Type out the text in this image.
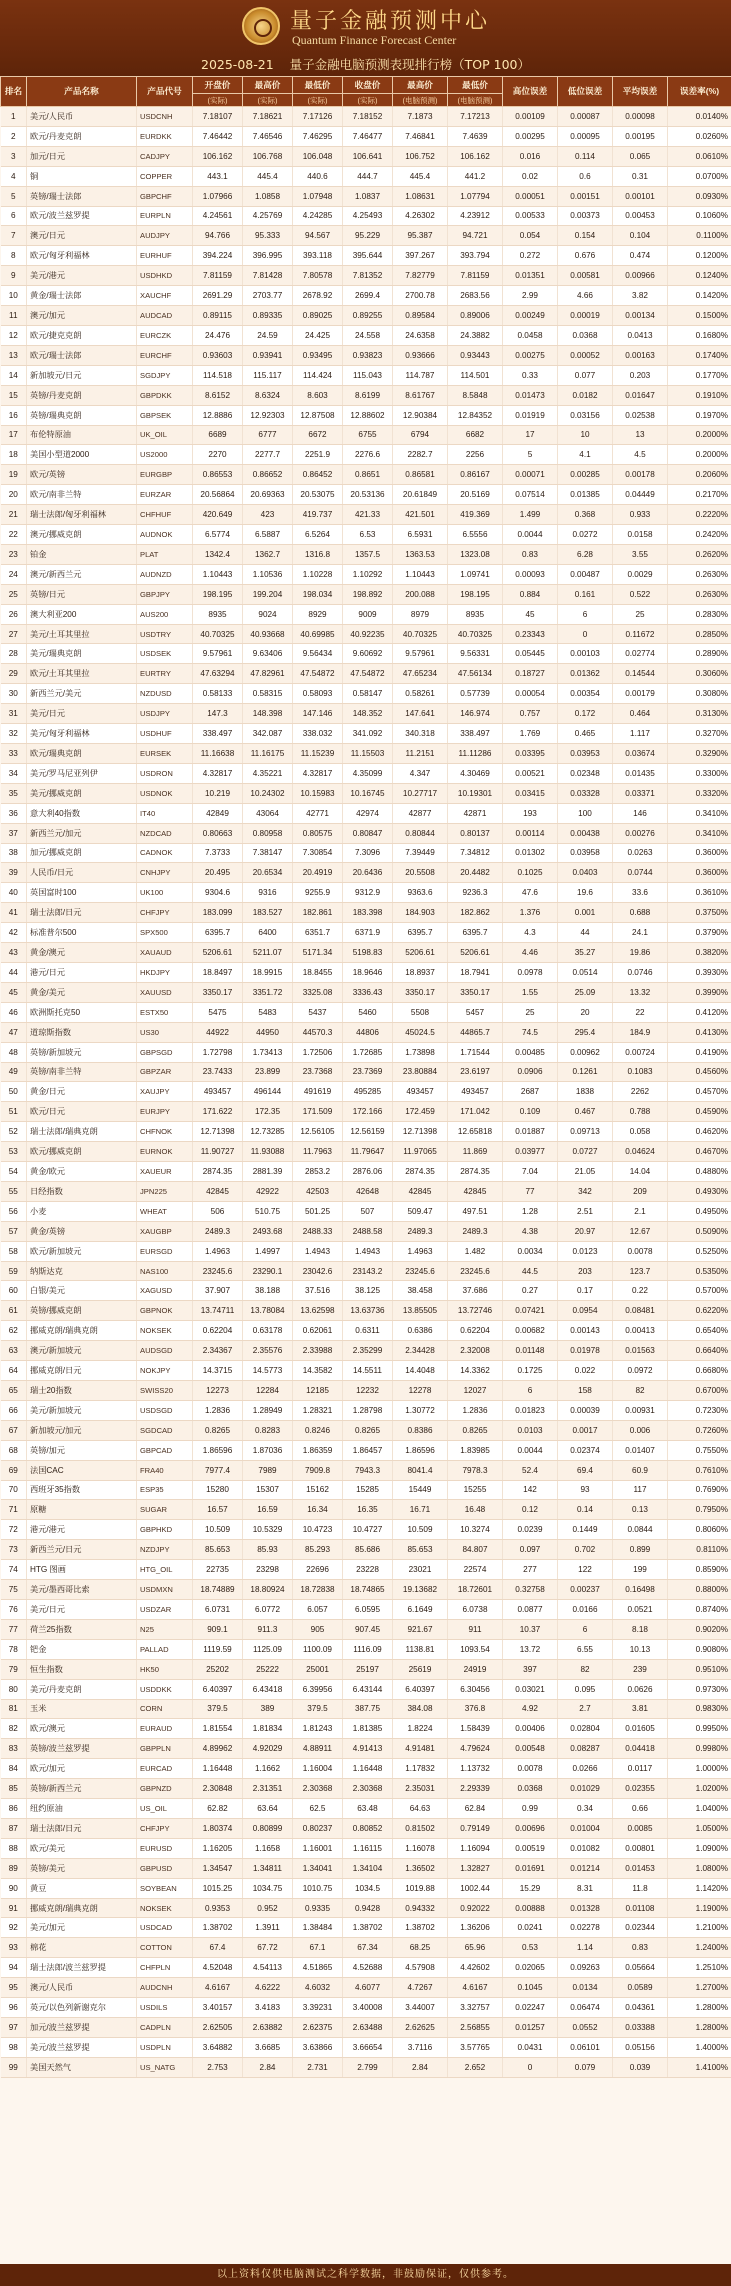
量子金融预测中心
Quantum Finance Forecast Center
2025-08-21 量子金融电脑预测表现排行榜（TOP 100）
排名	产品名称	产品代号	开盘价	最高价	最低价	收盘价	最高价	最低价	高位误差	低位误差	平均误差	误差率(%)
			(实际)	(实际)	(实际)	(实际)	(电脑预测)	(电脑预测)				
1	美元/人民币	USDCNH	7.18107	7.18621	7.17126	7.18152	7.1873	7.17213	0.00109	0.00087	0.00098	0.0140%
2	欧元/丹麦克朗	EURDKK	7.46442	7.46546	7.46295	7.46477	7.46841	7.4639	0.00295	0.00095	0.00195	0.0260%
3	加元/日元	CADJPY	106.162	106.768	106.048	106.641	106.752	106.162	0.016	0.114	0.065	0.0610%
4	铜	COPPER	443.1	445.4	440.6	444.7	445.4	441.2	0.02	0.6	0.31	0.0700%
5	英镑/瑞士法郎	GBPCHF	1.07966	1.0858	1.07948	1.0837	1.08631	1.07794	0.00051	0.00151	0.00101	0.0930%
6	欧元/波兰兹罗提	EURPLN	4.24561	4.25769	4.24285	4.25493	4.26302	4.23912	0.00533	0.00373	0.00453	0.1060%
7	澳元/日元	AUDJPY	94.766	95.333	94.567	95.229	95.387	94.721	0.054	0.154	0.104	0.1100%
8	欧元/匈牙利福林	EURHUF	394.224	396.995	393.118	395.644	397.267	393.794	0.272	0.676	0.474	0.1200%
9	美元/港元	USDHKD	7.81159	7.81428	7.80578	7.81352	7.82779	7.81159	0.01351	0.00581	0.00966	0.1240%
10	黄金/瑞士法郎	XAUCHF	2691.29	2703.77	2678.92	2699.4	2700.78	2683.56	2.99	4.66	3.82	0.1420%
11	澳元/加元	AUDCAD	0.89115	0.89335	0.89025	0.89255	0.89584	0.89006	0.00249	0.00019	0.00134	0.1500%
12	欧元/捷克克朗	EURCZK	24.476	24.59	24.425	24.558	24.6358	24.3882	0.0458	0.0368	0.0413	0.1680%
13	欧元/瑞士法郎	EURCHF	0.93603	0.93941	0.93495	0.93823	0.93666	0.93443	0.00275	0.00052	0.00163	0.1740%
14	新加坡元/日元	SGDJPY	114.518	115.117	114.424	115.043	114.787	114.501	0.33	0.077	0.203	0.1770%
15	英镑/丹麦克朗	GBPDKK	8.6152	8.6324	8.603	8.6199	8.61767	8.5848	0.01473	0.0182	0.01647	0.1910%
16	英镑/瑞典克朗	GBPSEK	12.8886	12.92303	12.87508	12.88602	12.90384	12.84352	0.01919	0.03156	0.02538	0.1970%
17	布伦特原油	UK_OIL	6689	6777	6672	6755	6794	6682	17	10	13	0.2000%
18	美国小型道2000	US2000	2270	2277.7	2251.9	2276.6	2282.7	2256	5	4.1	4.5	0.2000%
19	欧元/英镑	EURGBP	0.86553	0.86652	0.86452	0.8651	0.86581	0.86167	0.00071	0.00285	0.00178	0.2060%
20	欧元/南非兰特	EURZAR	20.56864	20.69363	20.53075	20.53136	20.61849	20.5169	0.07514	0.01385	0.04449	0.2170%
21	瑞士法郎/匈牙利福林	CHFHUF	420.649	423	419.737	421.33	421.501	419.369	1.499	0.368	0.933	0.2220%
22	澳元/挪威克朗	AUDNOK	6.5774	6.5887	6.5264	6.53	6.5931	6.5556	0.0044	0.0272	0.0158	0.2420%
23	铂金	PLAT	1342.4	1362.7	1316.8	1357.5	1363.53	1323.08	0.83	6.28	3.55	0.2620%
24	澳元/新西兰元	AUDNZD	1.10443	1.10536	1.10228	1.10292	1.10443	1.09741	0.00093	0.00487	0.0029	0.2630%
25	英镑/日元	GBPJPY	198.195	199.204	198.034	198.892	200.088	198.195	0.884	0.161	0.522	0.2630%
26	澳大利亚200	AUS200	8935	9024	8929	9009	8979	8935	45	6	25	0.2830%
27	美元/土耳其里拉	USDTRY	40.70325	40.93668	40.69985	40.92235	40.70325	40.70325	0.23343	0	0.11672	0.2850%
28	美元/瑞典克朗	USDSEK	9.57961	9.63406	9.56434	9.60692	9.57961	9.56331	0.05445	0.00103	0.02774	0.2890%
29	欧元/土耳其里拉	EURTRY	47.63294	47.82961	47.54872	47.54872	47.65234	47.56134	0.18727	0.01362	0.14544	0.3060%
30	新西兰元/美元	NZDUSD	0.58133	0.58315	0.58093	0.58147	0.58261	0.57739	0.00054	0.00354	0.00179	0.3080%
31	美元/日元	USDJPY	147.3	148.398	147.146	148.352	147.641	146.974	0.757	0.172	0.464	0.3130%
32	美元/匈牙利福林	USDHUF	338.497	342.087	338.032	341.092	340.318	338.497	1.769	0.465	1.117	0.3270%
33	欧元/瑞典克朗	EURSEK	11.16638	11.16175	11.15239	11.15503	11.2151	11.11286	0.03395	0.03953	0.03674	0.3290%
34	美元/罗马尼亚列伊	USDRON	4.32817	4.35221	4.32817	4.35099	4.347	4.30469	0.00521	0.02348	0.01435	0.3300%
35	美元/挪威克朗	USDNOK	10.219	10.24302	10.15983	10.16745	10.27717	10.19301	0.03415	0.03328	0.03371	0.3320%
36	意大利40指数	IT40	42849	43064	42771	42974	42877	42871	193	100	146	0.3410%
37	新西兰元/加元	NZDCAD	0.80663	0.80958	0.80575	0.80847	0.80844	0.80137	0.00114	0.00438	0.00276	0.3410%
38	加元/挪威克朗	CADNOK	7.3733	7.38147	7.30854	7.3096	7.39449	7.34812	0.01302	0.03958	0.0263	0.3600%
39	人民币/日元	CNHJPY	20.495	20.6534	20.4919	20.6436	20.5508	20.4482	0.1025	0.0403	0.0744	0.3600%
40	英国富时100	UK100	9304.6	9316	9255.9	9312.9	9363.6	9236.3	47.6	19.6	33.6	0.3610%
41	瑞士法郎/日元	CHFJPY	183.099	183.527	182.861	183.398	184.903	182.862	1.376	0.001	0.688	0.3750%
42	标准普尔500	SPX500	6395.7	6400	6351.7	6371.9	6395.7	6395.7	4.3	44	24.1	0.3790%
43	黄金/澳元	XAUAUD	5206.61	5211.07	5171.34	5198.83	5206.61	5206.61	4.46	35.27	19.86	0.3820%
44	港元/日元	HKDJPY	18.8497	18.9915	18.8455	18.9646	18.8937	18.7941	0.0978	0.0514	0.0746	0.3930%
45	黄金/美元	XAUUSD	3350.17	3351.72	3325.08	3336.43	3350.17	3350.17	1.55	25.09	13.32	0.3990%
46	欧洲斯托克50	ESTX50	5475	5483	5437	5460	5508	5457	25	20	22	0.4120%
47	道琼斯指数	US30	44922	44950	44570.3	44806	45024.5	44865.7	74.5	295.4	184.9	0.4130%
48	英镑/新加坡元	GBPSGD	1.72798	1.73413	1.72506	1.72685	1.73898	1.71544	0.00485	0.00962	0.00724	0.4190%
49	英镑/南非兰特	GBPZAR	23.7433	23.899	23.7368	23.7369	23.80884	23.6197	0.0906	0.1261	0.1083	0.4560%
50	黄金/日元	XAUJPY	493457	496144	491619	495285	493457	493457	2687	1838	2262	0.4570%
51	欧元/日元	EURJPY	171.622	172.35	171.509	172.166	172.459	171.042	0.109	0.467	0.788	0.4590%
52	瑞士法郎/瑞典克朗	CHFNOK	12.71398	12.73285	12.56105	12.56159	12.71398	12.65818	0.01887	0.09713	0.058	0.4620%
53	欧元/挪威克朗	EURNOK	11.90727	11.93088	11.7963	11.79647	11.97065	11.869	0.03977	0.0727	0.04624	0.4670%
54	黄金/欧元	XAUEUR	2874.35	2881.39	2853.2	2876.06	2874.35	2874.35	7.04	21.05	14.04	0.4880%
55	日经指数	JPN225	42845	42922	42503	42648	42845	42845	77	342	209	0.4930%
56	小麦	WHEAT	506	510.75	501.25	507	509.47	497.51	1.28	2.51	2.1	0.4950%
57	黄金/英镑	XAUGBP	2489.3	2493.68	2488.33	2488.58	2489.3	2489.3	4.38	20.97	12.67	0.5090%
58	欧元/新加坡元	EURSGD	1.4963	1.4997	1.4943	1.4943	1.4963	1.482	0.0034	0.0123	0.0078	0.5250%
59	纳斯达克	NAS100	23245.6	23290.1	23042.6	23143.2	23245.6	23245.6	44.5	203	123.7	0.5350%
60	白银/美元	XAGUSD	37.907	38.188	37.516	38.125	38.458	37.686	0.27	0.17	0.22	0.5700%
61	英镑/挪威克朗	GBPNOK	13.74711	13.78084	13.62598	13.63736	13.85505	13.72746	0.07421	0.0954	0.08481	0.6220%
62	挪威克朗/瑞典克朗	NOKSEK	0.62204	0.63178	0.62061	0.6311	0.6386	0.62204	0.00682	0.00143	0.00413	0.6540%
63	澳元/新加坡元	AUDSGD	2.34367	2.35576	2.33988	2.35299	2.34428	2.32008	0.01148	0.01978	0.01563	0.6640%
64	挪威克朗/日元	NOKJPY	14.3715	14.5773	14.3582	14.5511	14.4048	14.3362	0.1725	0.022	0.0972	0.6680%
65	瑞士20指数	SWISS20	12273	12284	12185	12232	12278	12027	6	158	82	0.6700%
66	美元/新加坡元	USDSGD	1.2836	1.28949	1.28321	1.28798	1.30772	1.2836	0.01823	0.00039	0.00931	0.7230%
67	新加坡元/加元	SGDCAD	0.8265	0.8283	0.8246	0.8265	0.8386	0.8265	0.0103	0.0017	0.006	0.7260%
68	英镑/加元	GBPCAD	1.86596	1.87036	1.86359	1.86457	1.86596	1.83985	0.0044	0.02374	0.01407	0.7550%
69	法国CAC	FRA40	7977.4	7989	7909.8	7943.3	8041.4	7978.3	52.4	69.4	60.9	0.7610%
70	西班牙35指数	ESP35	15280	15307	15162	15285	15449	15255	142	93	117	0.7690%
71	原糖	SUGAR	16.57	16.59	16.34	16.35	16.71	16.48	0.12	0.14	0.13	0.7950%
72	港元/港元	GBPHKD	10.509	10.5329	10.4723	10.4727	10.509	10.3274	0.0239	0.1449	0.0844	0.8060%
73	新西兰元/日元	NZDJPY	85.653	85.93	85.293	85.686	85.653	84.807	0.097	0.702	0.899	0.8110%
74	HTG 图画	HTG_OIL	22735	23298	22696	23228	23021	22574	277	122	199	0.8590%
75	美元/墨西哥比索	USDMXN	18.74889	18.80924	18.72838	18.74865	19.13682	18.72601	0.32758	0.00237	0.16498	0.8800%
76	美元/日元	USDZAR	6.0731	6.0772	6.057	6.0595	6.1649	6.0738	0.0877	0.0166	0.0521	0.8740%
77	荷兰25指数	N25	909.1	911.3	905	907.45	921.67	911	10.37	6	8.18	0.9020%
78	钯金	PALLAD	1119.59	1125.09	1100.09	1116.09	1138.81	1093.54	13.72	6.55	10.13	0.9080%
79	恒生指数	HK50	25202	25222	25001	25197	25619	24919	397	82	239	0.9510%
80	美元/丹麦克朗	USDDKK	6.40397	6.43418	6.39956	6.43144	6.40397	6.30456	0.03021	0.095	0.0626	0.9730%
81	玉米	CORN	379.5	389	379.5	387.75	384.08	376.8	4.92	2.7	3.81	0.9830%
82	欧元/澳元	EURAUD	1.81554	1.81834	1.81243	1.81385	1.8224	1.58439	0.00406	0.02804	0.01605	0.9950%
83	英镑/波兰兹罗提	GBPPLN	4.89962	4.92029	4.88911	4.91413	4.91481	4.79624	0.00548	0.08287	0.04418	0.9980%
84	欧元/加元	EURCAD	1.16448	1.1662	1.16004	1.16448	1.17832	1.13732	0.0078	0.0266	0.0117	1.0000%
85	英镑/新西兰元	GBPNZD	2.30848	2.31351	2.30368	2.30368	2.35031	2.29339	0.0368	0.01029	0.02355	1.0200%
86	纽约原油	US_OIL	62.82	63.64	62.5	63.48	64.63	62.84	0.99	0.34	0.66	1.0400%
87	瑞士法郎/日元	CHFJPY	1.80374	0.80899	0.80237	0.80852	0.81502	0.79149	0.00696	0.01004	0.0085	1.0500%
88	欧元/美元	EURUSD	1.16205	1.1658	1.16001	1.16115	1.16078	1.16094	0.00519	0.01082	0.00801	1.0900%
89	英镑/美元	GBPUSD	1.34547	1.34811	1.34041	1.34104	1.36502	1.32827	0.01691	0.01214	0.01453	1.0800%
90	黄豆	SOYBEAN	1015.25	1034.75	1010.75	1034.5	1019.88	1002.44	15.29	8.31	11.8	1.1420%
91	挪威克朗/瑞典克朗	NOKSEK	0.9353	0.952	0.9335	0.9428	0.94332	0.92022	0.00888	0.01328	0.01108	1.1900%
92	美元/加元	USDCAD	1.38702	1.3911	1.38484	1.38702	1.38702	1.36206	0.0241	0.02278	0.02344	1.2100%
93	棉花	COTTON	67.4	67.72	67.1	67.34	68.25	65.96	0.53	1.14	0.83	1.2400%
94	瑞士法郎/波兰兹罗提	CHFPLN	4.52048	4.54113	4.51865	4.52688	4.57908	4.42602	0.02065	0.09263	0.05664	1.2510%
95	澳元/人民币	AUDCNH	4.6167	4.6222	4.6032	4.6077	4.7267	4.6167	0.1045	0.0134	0.0589	1.2700%
96	英元/以色列新谢克尔	USDILS	3.40157	3.4183	3.39231	3.40008	3.44007	3.32757	0.02247	0.06474	0.04361	1.2800%
97	加元/波兰兹罗提	CADPLN	2.62505	2.63882	2.62375	2.63488	2.62625	2.56855	0.01257	0.0552	0.03388	1.2800%
98	美元/波兰兹罗提	USDPLN	3.64882	3.6685	3.63866	3.66654	3.7116	3.57765	0.0431	0.06101	0.05156	1.4000%
99	美国天然气	US_NATG	2.753	2.84	2.731	2.799	2.84	2.652	0	0.079	0.039	1.4100%
以上资料仅供电脑测试之科学数据，非鼓励保证，仅供参考。
